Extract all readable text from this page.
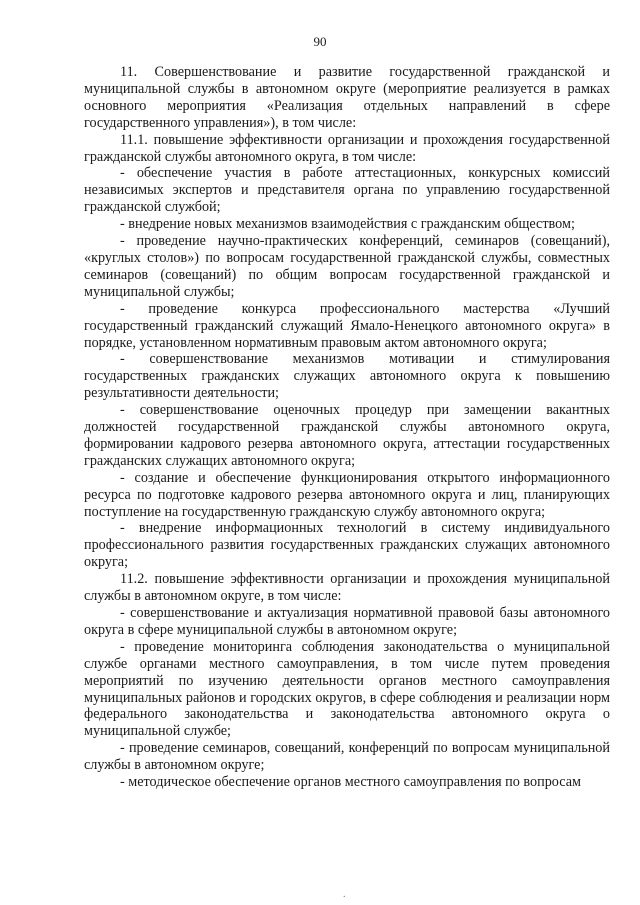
90

11. Совершенствование и развитие государственной гражданской и муниципальной службы в автономном округе (мероприятие реализуется в рамках основного мероприятия «Реализация отдельных направлений в сфере государственного управления»), в том числе:

11.1. повышение эффективности организации и прохождения государственной гражданской службы автономного округа, в том числе:

- обеспечение участия в работе аттестационных, конкурсных комиссий независимых экспертов и представителя органа по управлению государственной гражданской службой;

- внедрение новых механизмов взаимодействия с гражданским обществом;

- проведение научно-практических конференций, семинаров (совещаний), «круглых столов») по вопросам государственной гражданской службы, совместных семинаров (совещаний) по общим вопросам государственной гражданской и муниципальной службы;

- проведение конкурса профессионального мастерства «Лучший государственный гражданский служащий Ямало-Ненецкого автономного округа» в порядке, установленном нормативным правовым актом автономного округа;

- совершенствование механизмов мотивации и стимулирования государственных гражданских служащих автономного округа к повышению результативности деятельности;

- совершенствование оценочных процедур при замещении вакантных должностей государственной гражданской службы автономного округа, формировании кадрового резерва автономного округа, аттестации государственных гражданских служащих автономного округа;

- создание и обеспечение функционирования открытого информационного ресурса по подготовке кадрового резерва автономного округа и лиц, планирующих поступление на государственную гражданскую службу автономного округа;

- внедрение информационных технологий в систему индивидуального профессионального развития государственных гражданских служащих автономного округа;

11.2. повышение эффективности организации и прохождения муниципальной службы в автономном округе, в том числе:

- совершенствование и актуализация нормативной правовой базы автономного округа в сфере муниципальной службы в автономном округе;

- проведение мониторинга соблюдения законодательства о муниципальной службе органами местного самоуправления, в том числе путем проведения мероприятий по изучению деятельности органов местного самоуправления муниципальных районов и городских округов, в сфере соблюдения и реализации норм федерального законодательства и законодательства автономного округа о муниципальной службе;

- проведение семинаров, совещаний, конференций по вопросам муниципальной службы в автономном округе;

- методическое обеспечение органов местного самоуправления по вопросам

.
